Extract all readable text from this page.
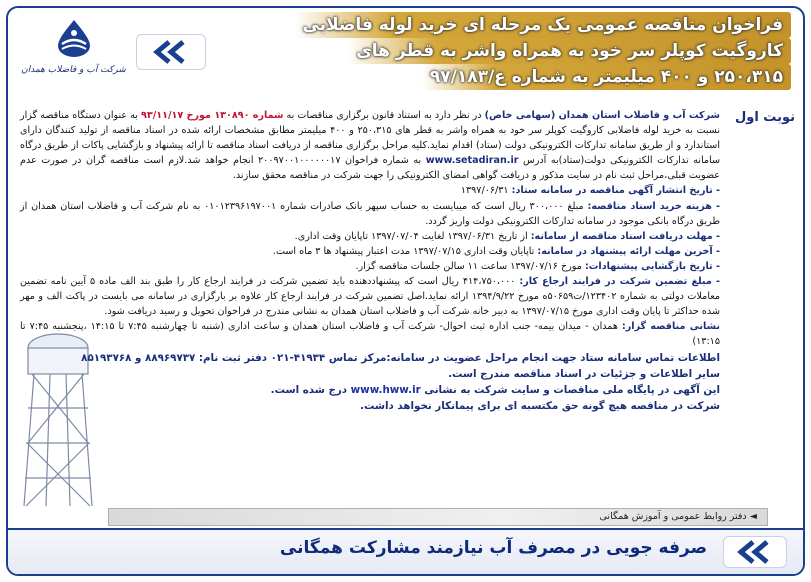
شرکت آب و فاضلاب همدان
فراخوان مناقصه عمومی یک مرحله ای خرید لوله فاضلابی
کاروگیت کوپلر سر خود به همراه واشر به قطر های
۲۵۰،۳۱۵ و ۴۰۰ میلیمتر به شماره ع/۹۷/۱۸۳
نوبت اول

شرکت آب و فاضلاب استان همدان (سهامی خاص) در نظر دارد به استناد قانون برگزاری مناقصات به شماره ۱۳۰۸۹۰ مورخ ۹۳/۱۱/۱۷ به عنوان دستگاه مناقصه گزار نسبت به خرید لوله فاضلابی کاروگیت کوپلر سر خود به همراه واشر به قطر های ۲۵۰،۳۱۵ و ۴۰۰ میلیمتر مطابق مشخصات ارائه شده در اسناد مناقصه از تولید کنندگان دارای استاندارد و از طریق سامانه تدارکات الکترونیکی دولت (ستاد) اقدام نماید.کلیه مراحل برگزاری مناقصه از دریافت اسناد مناقصه تا ارائه پیشنهاد و بازگشایی پاکات از طریق درگاه سامانه تدارکات الکترونیکی دولت(ستاد)به آدرس www.setadiran.ir به شماره فراخوان ۲۰۰۹۷۰۰۱۰۰۰۰۰۰۱۷ انجام خواهد شد.لازم است مناقصه گران در صورت عدم عضویت قبلی،مراحل ثبت نام در سایت مذکور و دریافت گواهی امضای الکترونیکی را جهت شرکت در مناقصه محقق سازند.

- تاریخ انتشار آگهی مناقصه در سامانه ستاد: ۱۳۹۷/۰۶/۳۱

- هزینه خرید اسناد مناقصه: مبلغ ۳۰۰،۰۰۰ ریال است که میبایست به حساب سپهر بانک صادرات شماره ۰۱۰۱۲۳۹۶۱۹۷۰۰۱ به نام شرکت آب و فاضلاب استان همدان از طریق درگاه بانکی موجود در سامانه تدارکات الکترونیکی دولت واریز گردد.

- مهلت دریافت اسناد مناقصه از سامانه: از تاریخ ۱۳۹۷/۰۶/۳۱ لغایت ۱۳۹۷/۰۷/۰۴ تاپایان وقت اداری.

- آخرین مهلت ارائه پیشنهاد در سامانه: تاپایان وقت اداری ۱۳۹۷/۰۷/۱۵ مدت اعتبار پیشنهاد ها ۳ ماه است.

- تاریخ بازگشایی پیشنهادات: مورخ ۱۳۹۷/۰۷/۱۶ ساعت ۱۱ سالن جلسات مناقصه گزار.

- مبلغ تضمین شرکت در فرایند ارجاع کار: ۴۱۴،۷۵۰،۰۰۰ ریال است که پیشنهاددهنده باید تضمین شرکت در فرایند ارجاع کار را طبق بند الف ماده ۵ آیین نامه تضمین معاملات دولتی به شماره ۱۲۳۴۰۲/ت۵۰۶۵۹ه مورخ ۱۳۹۴/۹/۲۲ ارائه نماید.اصل تضمین شرکت در فرایند ارجاع کار علاوه بر بارگزاری در سامانه می بایست در پاکت الف و مهر شده حداکثر تا پایان وقت اداری مورخ ۱۳۹۷/۰۷/۱۵ به دبیر خانه شرکت آب و فاضلاب استان همدان به نشانی مندرج در فراخوان تحویل و رسید دریافت شود.

نشانی مناقصه گزار: همدان - میدان بیمه- جنب اداره ثبت احوال- شرکت آب و فاضلاب استان همدان و ساعت اداری (شنبه تا چهارشنبه ۷:۴۵ تا ۱۴:۱۵ ،پنجشنبه ۷:۴۵ تا ۱۳:۱۵)

اطلاعات تماس سامانه ستاد جهت انجام مراحل عضویت در سامانه:مرکز تماس ۴۱۹۳۴-۰۲۱ دفتر ثبت نام: ۸۸۹۶۹۷۳۷ و ۸۵۱۹۳۷۶۸

سایر اطلاعات و جزئیات در اسناد مناقصه مندرج است.

این آگهی در پایگاه ملی مناقصات و سایت شرکت به نشانی www.hww.ir درج شده است.

شرکت در مناقصه هیچ گونه حق مکتسبه ای برای پیمانکار نخواهد داشت.

◄ دفتر روابط عمومی و آموزش همگانی
صرفه جویی در مصرف آب نیازمند مشارکت همگانی
